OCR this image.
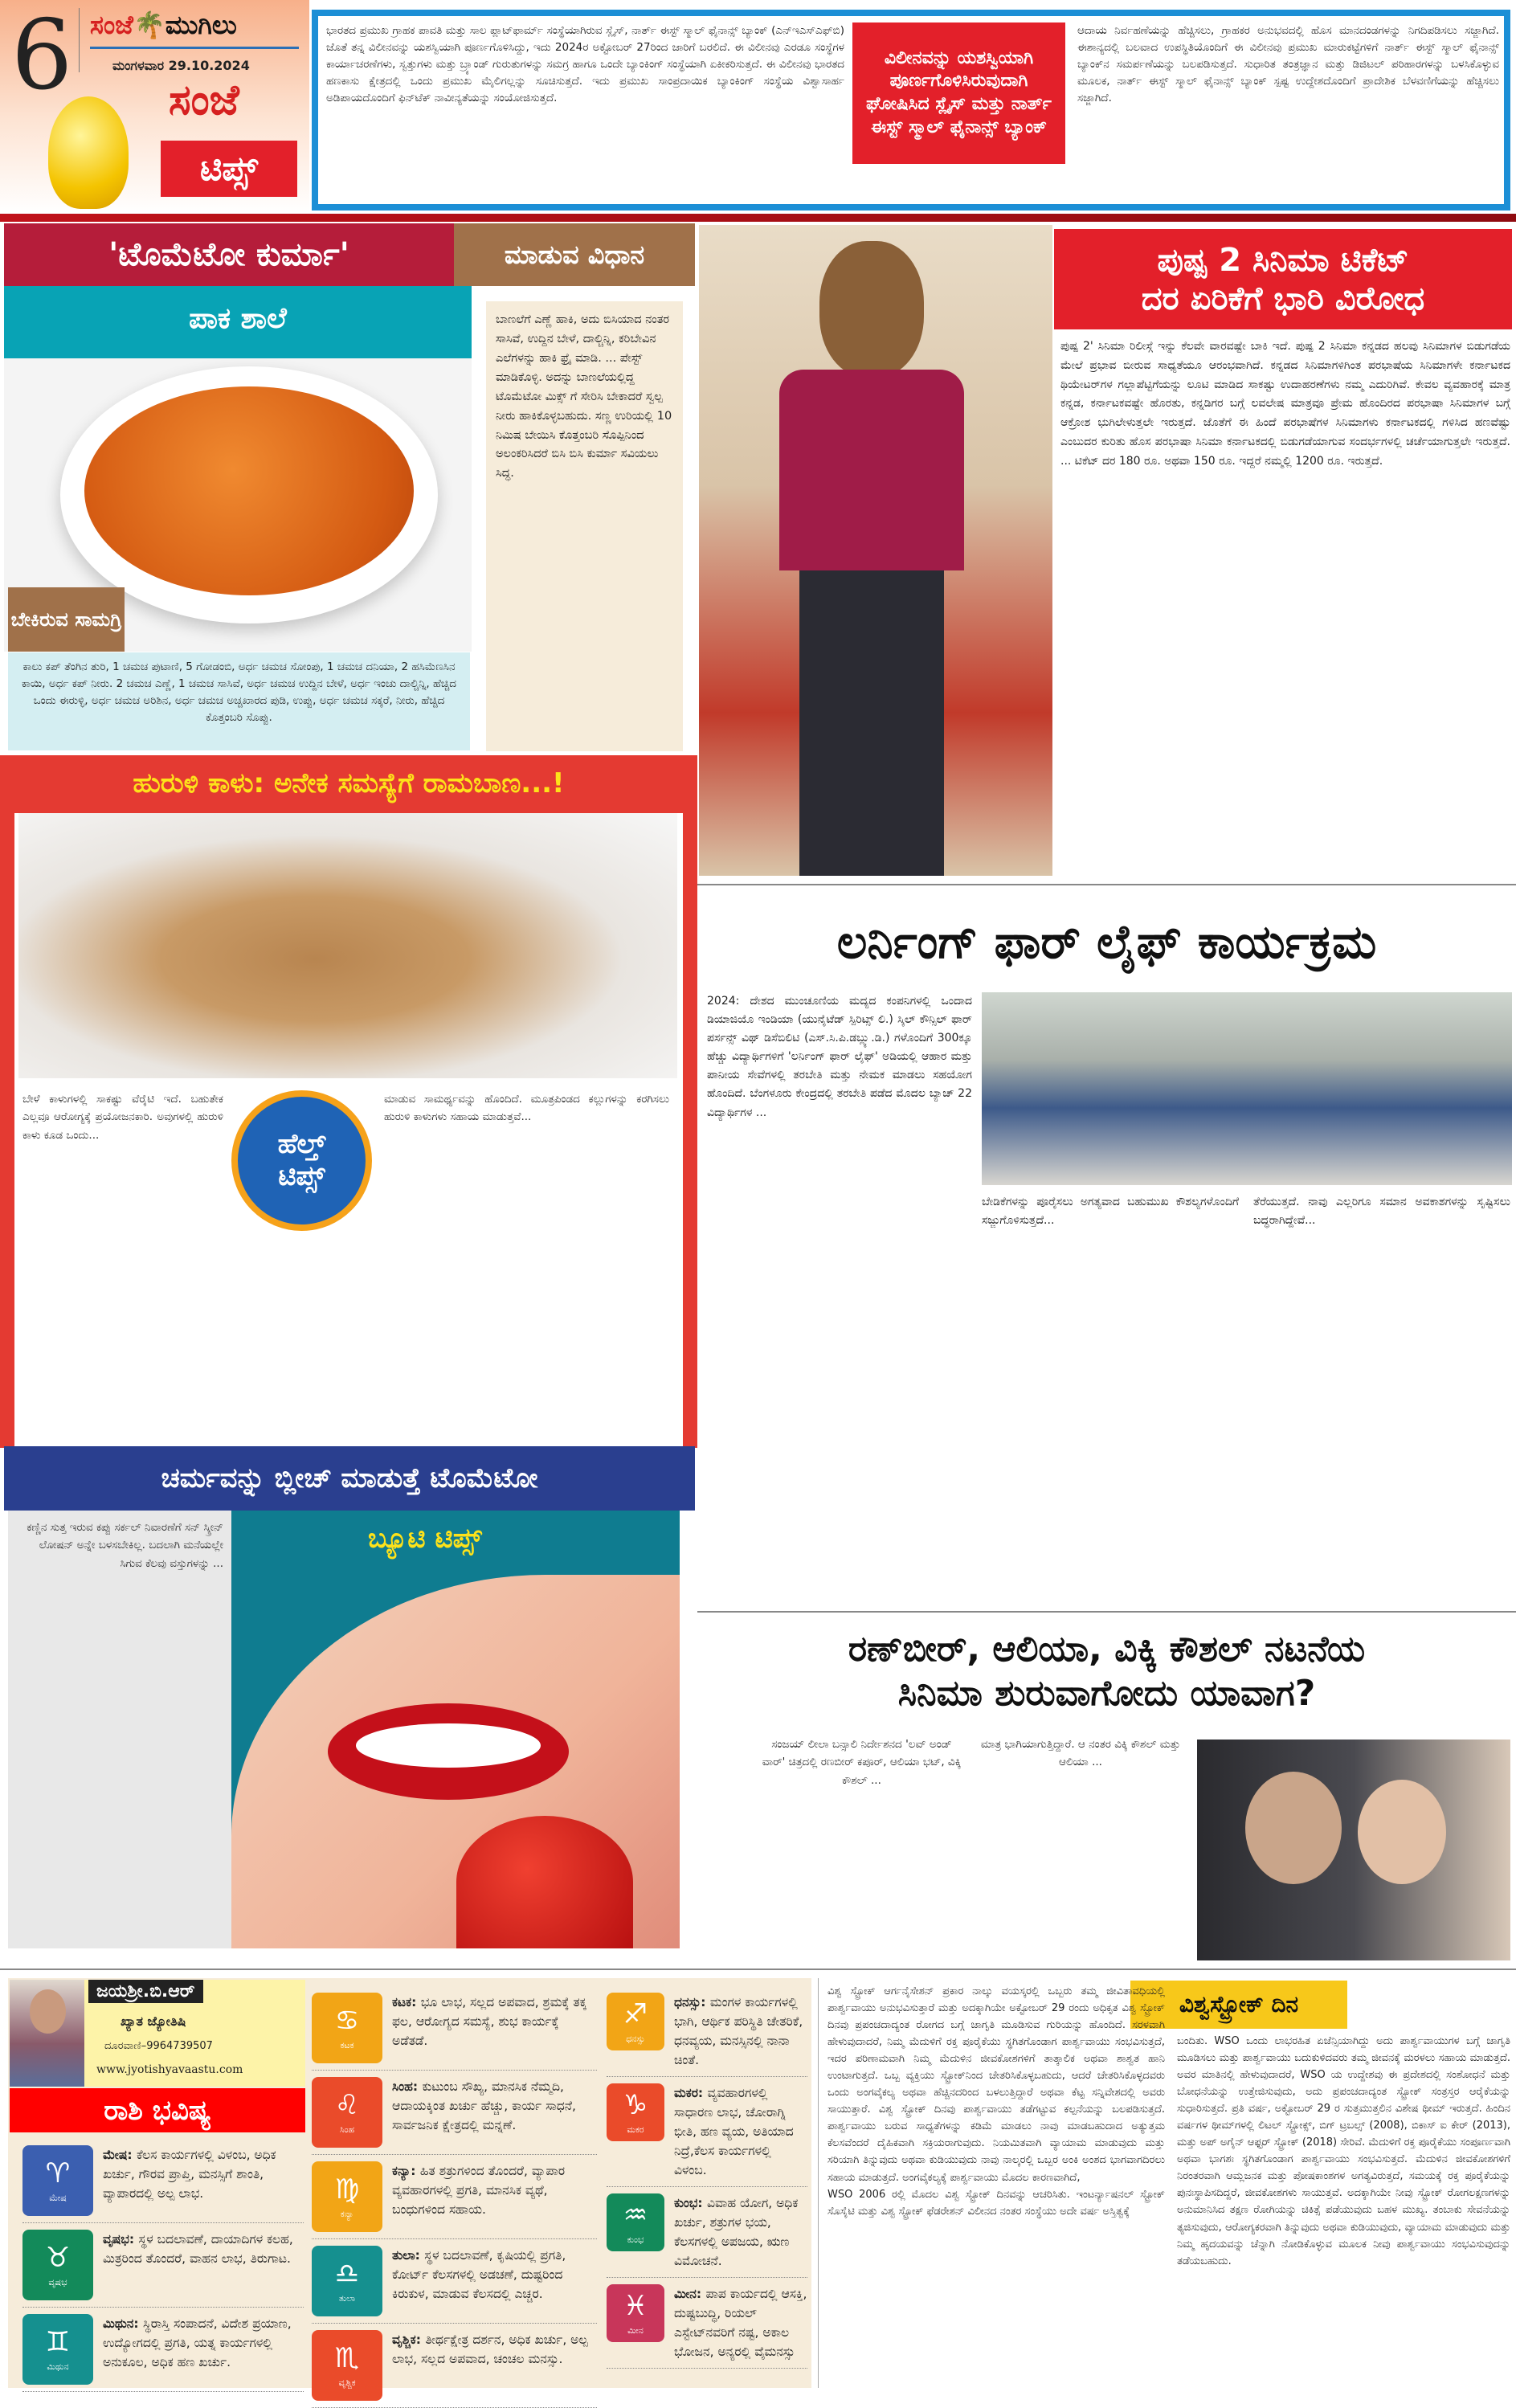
6 ಸಂಜೆ🌴ಮುಗಿಲು
ಮಂಗಳವಾರ 29.10.2024
ಸಂಜೆ
ಟಿಪ್ಸ್
ಭಾರತದ ಪ್ರಮುಖ ಗ್ರಾಹಕ ಪಾವತಿ ಮತ್ತು ಸಾಲ ಪ್ಲಾಟ್‌ಫಾರ್ಮ್ ಸಂಸ್ಥೆಯಾಗಿರುವ ಸ್ಲೈಸ್, ನಾರ್ತ್ ಈಸ್ಟ್ ಸ್ಮಾಲ್ ಫೈನಾನ್ಸ್ ಬ್ಯಾಂಕ್ (ಎನ್‌ಇಎಸ್‌ಎಫ್‌ಬಿ) ಜೊತೆ ತನ್ನ ವಿಲೀನವನ್ನು ಯಶಸ್ವಿಯಾಗಿ ಪೂರ್ಣಗೊಳಿಸಿದ್ದು, ಇದು 2024ರ ಅಕ್ಟೋಬರ್ 27ರಿಂದ ಜಾರಿಗೆ ಬರಲಿದೆ. ಈ ವಿಲೀನವು ಎರಡೂ ಸಂಸ್ಥೆಗಳ ಕಾರ್ಯಾಚರಣೆಗಳು, ಸ್ವತ್ತುಗಳು ಮತ್ತು ಬ್ರ್ಯಾಂಡ್ ಗುರುತುಗಳನ್ನು ಸಮಗ್ರ ಹಾಗೂ ಒಂದೇ ಬ್ಯಾಂಕಿಂಗ್ ಸಂಸ್ಥೆಯಾಗಿ ಏಕೀಕರಿಸುತ್ತದೆ. ಈ ವಿಲೀನವು ಭಾರತದ ಹಣಕಾಸು ಕ್ಷೇತ್ರದಲ್ಲಿ ಒಂದು ಪ್ರಮುಖ ಮೈಲಿಗಲ್ಲನ್ನು ಸೂಚಿಸುತ್ತದೆ. ಇದು ಪ್ರಮುಖ ಸಾಂಪ್ರದಾಯಿಕ ಬ್ಯಾಂಕಿಂಗ್ ಸಂಸ್ಥೆಯ ವಿಶ್ವಾಸಾರ್ಹ ಅಡಿಪಾಯದೊಂದಿಗೆ ಫಿನ್‌ಟೆಕ್ ನಾವೀನ್ಯತೆಯನ್ನು ಸಂಯೋಜಿಸುತ್ತದೆ.
ವಿಲೀನವನ್ನು ಯಶಸ್ವಿಯಾಗಿ ಪೂರ್ಣಗೊಳಿಸಿರುವುದಾಗಿ ಘೋಷಿಸಿದ ಸ್ಲೈಸ್ ಮತ್ತು ನಾರ್ತ್ ಈಸ್ಟ್ ಸ್ಮಾಲ್ ಫೈನಾನ್ಸ್ ಬ್ಯಾಂಕ್
ಆದಾಯ ನಿರ್ವಹಣೆಯನ್ನು ಹೆಚ್ಚಿಸಲು, ಗ್ರಾಹಕರ ಅನುಭವದಲ್ಲಿ ಹೊಸ ಮಾನದಂಡಗಳನ್ನು ನಿಗದಿಪಡಿಸಲು ಸಜ್ಜಾಗಿದೆ. ಈಶಾನ್ಯದಲ್ಲಿ ಬಲವಾದ ಉಪಸ್ಥಿತಿಯೊಂದಿಗೆ ಈ ವಿಲೀನವು ಪ್ರಮುಖ ಮಾರುಕಟ್ಟೆಗಳಿಗೆ ನಾರ್ತ್ ಈಸ್ಟ್ ಸ್ಮಾಲ್ ಫೈನಾನ್ಸ್ ಬ್ಯಾಂಕ್‌ನ ಸಮರ್ಪಣೆಯನ್ನು ಬಲಪಡಿಸುತ್ತದೆ. ಸುಧಾರಿತ ತಂತ್ರಜ್ಞಾನ ಮತ್ತು ಡಿಜಿಟಲ್ ಪರಿಹಾರಗಳನ್ನು ಬಳಸಿಕೊಳ್ಳುವ ಮೂಲಕ, ನಾರ್ತ್ ಈಸ್ಟ್ ಸ್ಮಾಲ್ ಫೈನಾನ್ಸ್ ಬ್ಯಾಂಕ್ ಸ್ಪಷ್ಟ ಉದ್ದೇಶದೊಂದಿಗೆ ಪ್ರಾದೇಶಿಕ ಬೆಳವಣಿಗೆಯನ್ನು ಹೆಚ್ಚಿಸಲು ಸಜ್ಜಾಗಿದೆ.
'ಟೊಮೆಟೋ ಕುರ್ಮಾ'	ಮಾಡುವ ವಿಧಾನ
ಪಾಕ ಶಾಲೆ
ಬೇಕಿರುವ ಸಾಮಗ್ರಿ
ಕಾಲು ಕಪ್ ತೆಂಗಿನ ತುರಿ, 1 ಚಮಚ ಪುಟಾಣಿ, 5 ಗೋಡಂಬಿ, ಅರ್ಧ ಚಮಚ ಸೋಂಪು, 1 ಚಮಚ ದನಿಯಾ, 2 ಹಸಿಮೆಣಸಿನ ಕಾಯಿ, ಅರ್ಧ ಕಪ್ ನೀರು. 2 ಚಮಚ ಎಣ್ಣೆ, 1 ಚಮಚ ಸಾಸಿವೆ, ಅರ್ಧ ಚಮಚ ಉದ್ದಿನ ಬೇಳೆ, ಅರ್ಧ ಇಂಚು ದಾಲ್ಚಿನ್ನಿ, ಹೆಚ್ಚಿದ ಒಂದು ಈರುಳ್ಳಿ, ಅರ್ಧ ಚಮಚ ಅರಿಶಿನ, ಅರ್ಧ ಚಮಚ ಅಚ್ಚಖಾರದ ಪುಡಿ, ಉಪ್ಪು, ಅರ್ಧ ಚಮಚ ಸಕ್ಕರೆ, ನೀರು, ಹೆಚ್ಚಿದ ಕೊತ್ತಂಬರಿ ಸೊಪ್ಪು.
ಬಾಣಲೆಗೆ ಎಣ್ಣೆ ಹಾಕಿ, ಅದು ಬಿಸಿಯಾದ ನಂತರ ಸಾಸಿವೆ, ಉದ್ದಿನ ಬೇಳೆ, ದಾಲ್ಚಿನ್ನಿ, ಕರಿಬೇವಿನ ಎಲೆಗಳನ್ನು ಹಾಕಿ ಫ್ರೈ ಮಾಡಿ. ... ಪೇಸ್ಟ್ ಮಾಡಿಕೊಳ್ಳಿ. ಅದನ್ನು ಬಾಣಲೆಯಲ್ಲಿದ್ದ ಟೊಮೆಟೋ ಮಿಕ್ಸ್ ಗೆ ಸೇರಿಸಿ ಬೇಕಾದರೆ ಸ್ವಲ್ಪ ನೀರು ಹಾಕಿಕೊಳ್ಳಬಹುದು. ಸಣ್ಣ ಉರಿಯಲ್ಲಿ 10 ನಿಮಿಷ ಬೇಯಿಸಿ ಕೊತ್ತಂಬರಿ ಸೊಪ್ಪಿನಿಂದ ಅಲಂಕರಿಸಿದರೆ ಬಿಸಿ ಬಿಸಿ ಕುರ್ಮಾ ಸವಿಯಲು ಸಿದ್ಧ.
ಹುರುಳಿ ಕಾಳು: ಅನೇಕ ಸಮಸ್ಯೆಗೆ ರಾಮಬಾಣ...!
ಹೆಲ್ತ್
ಟಿಪ್ಸ್
ಬೇಳೆ ಕಾಳುಗಳಲ್ಲಿ ಸಾಕಷ್ಟು ವೆರೈಟಿ ಇದೆ. ಬಹುತೇಕ ಎಲ್ಲವೂ ಆರೋಗ್ಯಕ್ಕೆ ಪ್ರಯೋಜನಕಾರಿ. ಅವುಗಳಲ್ಲಿ ಹುರುಳಿ ಕಾಳು ಕೂಡ ಒಂದು...
ಮಾಡುವ ಸಾಮರ್ಥ್ಯವನ್ನು ಹೊಂದಿದೆ. ಮೂತ್ರಪಿಂಡದ ಕಲ್ಲುಗಳನ್ನು ಕರಗಿಸಲು ಹುರುಳಿ ಕಾಳುಗಳು ಸಹಾಯ ಮಾಡುತ್ತವೆ...
ಚರ್ಮವನ್ನು ಬ್ಲೀಚ್ ಮಾಡುತ್ತೆ ಟೊಮೆಟೋ
ಕಣ್ಣಿನ ಸುತ್ತ ಇರುವ ಕಪ್ಪು ಸರ್ಕಲ್ ನಿವಾರಣೆಗೆ ಸನ್ ಸ್ಕ್ರೀನ್ ಲೋಷನ್ ಅನ್ನೇ ಬಳಸಬೇಕಿಲ್ಲ. ಬದಲಾಗಿ ಮನೆಯಲ್ಲೇ ಸಿಗುವ ಕೆಲವು ವಸ್ತುಗಳನ್ನು ...
ಬ್ಯೂಟಿ ಟಿಪ್ಸ್
ಪುಷ್ಪ 2 ಸಿನಿಮಾ ಟಿಕೆಟ್
ದರ ಏರಿಕೆಗೆ ಭಾರಿ ವಿರೋಧ
ಪುಷ್ಪ 2' ಸಿನಿಮಾ ರಿಲೀಸ್ಗೆ ಇನ್ನು ಕೆಲವೇ ವಾರವಷ್ಟೇ ಬಾಕಿ ಇದೆ. ಪುಷ್ಪ 2 ಸಿನಿಮಾ ಕನ್ನಡದ ಹಲವು ಸಿನಿಮಾಗಳ ಬಿಡುಗಡೆಯ ಮೇಲೆ ಪ್ರಭಾವ ಬೀರುವ ಸಾಧ್ಯತೆಯೂ ಆರಂಭವಾಗಿದೆ. ಕನ್ನಡದ ಸಿನಿಮಾಗಳಿಗಿಂತ ಪರಭಾಷೆಯ ಸಿನಿಮಾಗಳೇ ಕರ್ನಾಟಕದ ಥಿಯೇಟರ್‌ಗಳ ಗಲ್ಲಾಪೆಟ್ಟಿಗೆಯನ್ನು ಲೂಟಿ ಮಾಡಿದ ಸಾಕಷ್ಟು ಉದಾಹರಣೆಗಳು ನಮ್ಮ ಎದುರಿಗಿವೆ. ಕೇವಲ ವ್ಯವಹಾರಕ್ಕೆ ಮಾತ್ರ ಕನ್ನಡ, ಕರ್ನಾಟಕವಷ್ಟೇ ಹೊರತು, ಕನ್ನಡಿಗರ ಬಗ್ಗೆ ಲವಲೇಷ ಮಾತ್ರವೂ ಪ್ರೇಮ ಹೊಂದಿರದ ಪರಭಾಷಾ ಸಿನಿಮಾಗಳ ಬಗ್ಗೆ ಆಕ್ರೋಶ ಭುಗಿಲೇಳುತ್ತಲೇ ಇರುತ್ತದೆ. ಜೊತೆಗೆ ಈ ಹಿಂದೆ ಪರಭಾಷೆಗಳ ಸಿನಿಮಾಗಳು ಕರ್ನಾಟಕದಲ್ಲಿ ಗಳಿಸಿದ ಹಣವೆಷ್ಟು ಎಂಬುದರ ಕುರಿತು ಹೊಸ ಪರಭಾಷಾ ಸಿನಿಮಾ ಕರ್ನಾಟಕದಲ್ಲಿ ಬಿಡುಗಡೆಯಾಗುವ ಸಂದರ್ಭಗಳಲ್ಲಿ ಚರ್ಚೆಯಾಗುತ್ತಲೇ ಇರುತ್ತದೆ. ... ಟಿಕೆಟ್ ದರ 180 ರೂ. ಅಥವಾ 150 ರೂ. ಇದ್ದರೆ ನಮ್ಮಲ್ಲಿ 1200 ರೂ. ಇರುತ್ತದೆ.
ಲರ್ನಿಂಗ್ ಫಾರ್ ಲೈಫ್ ಕಾರ್ಯಕ್ರಮ
2024: ದೇಶದ ಮುಂಚೂಣಿಯ ಮದ್ಯದ ಕಂಪನಿಗಳಲ್ಲಿ ಒಂದಾದ ಡಿಯಾಜಿಯೊ ಇಂಡಿಯಾ (ಯುನೈಟೆಡ್ ಸ್ಪಿರಿಟ್ಸ್ ಲಿ.) ಸ್ಕಿಲ್ ಕೌನ್ಸಿಲ್ ಫಾರ್ ಪರ್ಸನ್ಸ್ ವಿಥ್ ಡಿಸೆಬಿಲಿಟಿ (ಎಸ್.ಸಿ.ಪಿ.ಡಬ್ಲ್ಯು.ಡಿ.) ಗಳೊಂದಿಗೆ 300ಕ್ಕೂ ಹೆಚ್ಚು ವಿದ್ಯಾರ್ಥಿಗಳಿಗೆ 'ಲರ್ನಿಂಗ್ ಫಾರ್ ಲೈಫ್' ಅಡಿಯಲ್ಲಿ ಆಹಾರ ಮತ್ತು ಪಾನೀಯ ಸೇವೆಗಳಲ್ಲಿ ತರಬೇತಿ ಮತ್ತು ನೇಮಕ ಮಾಡಲು ಸಹಯೋಗ ಹೊಂದಿದೆ. ಬೆಂಗಳೂರು ಕೇಂದ್ರದಲ್ಲಿ ತರಬೇತಿ ಪಡೆದ ಮೊದಲ ಬ್ಯಾಚ್ 22 ವಿದ್ಯಾರ್ಥಿಗಳ ...
ಬೇಡಿಕೆಗಳನ್ನು ಪೂರೈಸಲು ಅಗತ್ಯವಾದ ಬಹುಮುಖ ಕೌಶಲ್ಯಗಳೊಂದಿಗೆ ಸಜ್ಜುಗೊಳಿಸುತ್ತದೆ...
ತೆರೆಯುತ್ತದೆ. ನಾವು ಎಲ್ಲರಿಗೂ ಸಮಾನ ಅವಕಾಶಗಳನ್ನು ಸೃಷ್ಟಿಸಲು ಬದ್ಧರಾಗಿದ್ದೇವೆ...
ರಣ್‌ಬೀರ್, ಆಲಿಯಾ, ವಿಕ್ಕಿ ಕೌಶಲ್ ನಟನೆಯ
ಸಿನಿಮಾ ಶುರುವಾಗೋದು ಯಾವಾಗ?
ಸಂಜಯ್ ಲೀಲಾ ಬನ್ಸಾಲಿ ನಿರ್ದೇಶನದ 'ಲವ್ ಅಂಡ್ ವಾರ್' ಚಿತ್ರದಲ್ಲಿ ರಣಬೀರ್ ಕಪೂರ್, ಆಲಿಯಾ ಭಟ್, ವಿಕ್ಕಿ ಕೌಶಲ್ ...
ಮಾತ್ರ ಭಾಗಿಯಾಗುತ್ತಿದ್ದಾರೆ. ಆ ನಂತರ ವಿಕ್ಕಿ ಕೌಶಲ್ ಮತ್ತು ಆಲಿಯಾ ...
ಜಯಶ್ರೀ.ಬಿ.ಆರ್
ಖ್ಯಾತ ಜ್ಯೋತಿಷಿ
ದೂರವಾಣಿ–9964739507
www.jyotishyavaastu.com
ರಾಶಿ ಭವಿಷ್ಯ
♈
ಮೇಷ
ಮೇಷ: ಕೆಲಸ ಕಾರ್ಯಗಳಲ್ಲಿ ವಿಳಂಬ, ಅಧಿಕ ಖರ್ಚು, ಗೌರವ ಪ್ರಾಪ್ತಿ, ಮನಸ್ಸಿಗೆ ಶಾಂತಿ, ವ್ಯಾಪಾರದಲ್ಲಿ ಅಲ್ಪ ಲಾಭ.
♉
ವೃಷಭ
ವೃಷಭ: ಸ್ಥಳ ಬದಲಾವಣೆ, ದಾಯಾದಿಗಳ ಕಲಹ, ಮಿತ್ರರಿಂದ ತೊಂದರೆ, ವಾಹನ ಲಾಭ, ತಿರುಗಾಟ.
♊
ಮಿಥುನ
ಮಿಥುನ: ಸ್ಥಿರಾಸ್ತಿ ಸಂಪಾದನೆ, ವಿದೇಶ ಪ್ರಯಾಣ, ಉದ್ಯೋಗದಲ್ಲಿ ಪ್ರಗತಿ, ಯತ್ನ ಕಾರ್ಯಗಳಲ್ಲಿ ಅನುಕೂಲ, ಅಧಿಕ ಹಣ ಖರ್ಚು.
♋
ಕಟಕ
ಕಟಕ: ಭೂ ಲಾಭ, ಸಲ್ಲದ ಅಪವಾದ, ಶ್ರಮಕ್ಕೆ ತಕ್ಕ ಫಲ, ಆರೋಗ್ಯದ ಸಮಸ್ಯೆ, ಶುಭ ಕಾರ್ಯಕ್ಕೆ ಅಡೆತಡೆ.
♌
ಸಿಂಹ
ಸಿಂಹ: ಕುಟುಂಬ ಸೌಖ್ಯ, ಮಾನಸಿಕ ನೆಮ್ಮದಿ, ಆದಾಯಕ್ಕಿಂತ ಖರ್ಚು ಹೆಚ್ಚು, ಕಾರ್ಯ ಸಾಧನೆ, ಸಾರ್ವಜನಿಕ ಕ್ಷೇತ್ರದಲ್ಲಿ ಮನ್ನಣೆ.
♍
ಕನ್ಯಾ
ಕನ್ಯಾ: ಹಿತ ಶತ್ರುಗಳಿಂದ ತೊಂದರೆ, ವ್ಯಾಪಾರ ವ್ಯವಹಾರಗಳಲ್ಲಿ ಪ್ರಗತಿ, ಮಾನಸಿಕ ವ್ಯಥೆ, ಬಂಧುಗಳಿಂದ ಸಹಾಯ.
♎
ತುಲಾ
ತುಲಾ: ಸ್ಥಳ ಬದಲಾವಣೆ, ಕೃಷಿಯಲ್ಲಿ ಪ್ರಗತಿ, ಕೋರ್ಟ್ ಕೆಲಸಗಳಲ್ಲಿ ಅಡಚಣೆ, ದುಷ್ಟರಿಂದ ಕಿರುಕುಳ, ಮಾಡುವ ಕೆಲಸದಲ್ಲಿ ಎಚ್ಚರ.
♏
ವೃಶ್ಚಿಕ
ವೃಶ್ಚಿಕ: ತೀರ್ಥಕ್ಷೇತ್ರ ದರ್ಶನ, ಅಧಿಕ ಖರ್ಚು, ಅಲ್ಪ ಲಾಭ, ಸಲ್ಲದ ಅಪವಾದ, ಚಂಚಲ ಮನಸ್ಸು.
♐
ಧನಸ್ಸು
ಧನಸ್ಸು: ಮಂಗಳ ಕಾರ್ಯಗಳಲ್ಲಿ ಭಾಗಿ, ಆರ್ಥಿಕ ಪರಿಸ್ಥಿತಿ ಚೇತರಿಕೆ, ಧನವ್ಯಯ, ಮನಸ್ಸಿನಲ್ಲಿ ನಾನಾ ಚಿಂತೆ.
♑
ಮಕರ
ಮಕರ: ವ್ಯವಹಾರಗಳಲ್ಲಿ ಸಾಧಾರಣ ಲಾಭ, ಚೋರಾಗ್ನಿ ಭೀತಿ, ಹಣ ವ್ಯಯ, ಅತಿಯಾದ ನಿದ್ರೆ,ಕೆಲಸ ಕಾರ್ಯಗಳಲ್ಲಿ ವಿಳಂಬ.
♒
ಕುಂಭ
ಕುಂಭ: ವಿವಾಹ ಯೋಗ, ಅಧಿಕ ಖರ್ಚು, ಶತ್ರುಗಳ ಭಯ, ಕೆಲಸಗಳಲ್ಲಿ ಅಪಜಯ, ಋಣ ವಿಮೋಚನೆ.
♓
ಮೀನ
ಮೀನ: ಪಾಪ ಕಾರ್ಯದಲ್ಲಿ ಆಸಕ್ತಿ, ದುಷ್ಟಬುದ್ಧಿ, ರಿಯಲ್ ಎಸ್ಟೇಟ್‌ನವರಿಗೆ ನಷ್ಟ, ಅಕಾಲ ಭೋಜನ, ಅನ್ಯರಲ್ಲಿ ವೈಮನಸ್ಸು
ವಿಶ್ವಸ್ಟ್ರೋಕ್ ದಿನ
ವಿಶ್ವ ಸ್ಟ್ರೋಕ್ ಆರ್ಗನೈಸೇಶನ್ ಪ್ರಕಾರ ನಾಲ್ಕು ವಯಸ್ಕರಲ್ಲಿ ಒಬ್ಬರು ತಮ್ಮ ಜೀವಿತಾವಧಿಯಲ್ಲಿ ಪಾರ್ಶ್ವವಾಯು ಅನುಭವಿಸುತ್ತಾರೆ ಮತ್ತು ಅದಕ್ಕಾಗಿಯೇ ಅಕ್ಟೋಬರ್ 29 ರಂದು ಅಧಿಕೃತ ವಿಶ್ವ ಸ್ಟ್ರೋಕ್ ದಿನವು ಪ್ರಪಂಚದಾದ್ಯಂತ ರೋಗದ ಬಗ್ಗೆ ಜಾಗೃತಿ ಮೂಡಿಸುವ ಗುರಿಯನ್ನು ಹೊಂದಿದೆ. ಸರಳವಾಗಿ ಹೇಳುವುದಾದರೆ, ನಿಮ್ಮ ಮೆದುಳಿಗೆ ರಕ್ತ ಪೂರೈಕೆಯು ಸ್ಥಗಿತಗೊಂಡಾಗ ಪಾರ್ಶ್ವವಾಯು ಸಂಭವಿಸುತ್ತದೆ, ಇದರ ಪರಿಣಾಮವಾಗಿ ನಿಮ್ಮ ಮೆದುಳಿನ ಜೀವಕೋಶಗಳಿಗೆ ತಾತ್ಕಾಲಿಕ ಅಥವಾ ಶಾಶ್ವತ ಹಾನಿ ಉಂಟಾಗುತ್ತದೆ. ಒಬ್ಬ ವ್ಯಕ್ತಿಯು ಸ್ಟ್ರೋಕ್‌ನಿಂದ ಚೇತರಿಸಿಕೊಳ್ಳಬಹುದು, ಆದರೆ ಚೇತರಿಸಿಕೊಳ್ಳದವರು ಒಂದು ಅಂಗವೈಕಲ್ಯ ಅಥವಾ ಹೆಚ್ಚಿನದರಿಂದ ಬಳಲುತ್ತಿದ್ದಾರೆ ಅಥವಾ ಕೆಟ್ಟ ಸನ್ನಿವೇಶದಲ್ಲಿ ಅವರು ಸಾಯುತ್ತಾರೆ. ವಿಶ್ವ ಸ್ಟ್ರೋಕ್ ದಿನವು ಪಾರ್ಶ್ವವಾಯು ತಡೆಗಟ್ಟುವ ಕಲ್ಪನೆಯನ್ನು ಬಲಪಡಿಸುತ್ತದೆ. ಪಾರ್ಶ್ವವಾಯು ಬರುವ ಸಾಧ್ಯತೆಗಳನ್ನು ಕಡಿಮೆ ಮಾಡಲು ನಾವು ಮಾಡಬಹುದಾದ ಅತ್ಯುತ್ತಮ ಕೆಲಸವೆಂದರೆ ದೈಹಿಕವಾಗಿ ಸಕ್ರಿಯರಾಗುವುದು. ನಿಯಮಿತವಾಗಿ ವ್ಯಾಯಾಮ ಮಾಡುವುದು ಮತ್ತು ಸರಿಯಾಗಿ ತಿನ್ನುವುದು ಅಥವಾ ಕುಡಿಯುವುದು ನಾವು ನಾಲ್ಕರಲ್ಲಿ ಒಬ್ಬರ ಅಂಕಿ ಅಂಶದ ಭಾಗವಾಗದಿರಲು ಸಹಾಯ ಮಾಡುತ್ತದೆ. ಅಂಗವೈಕಲ್ಯಕ್ಕೆ ಪಾರ್ಶ್ವವಾಯು ಮೊದಲ ಕಾರಣವಾಗಿದೆ,
WSO 2006 ರಲ್ಲಿ ಮೊದಲ ವಿಶ್ವ ಸ್ಟ್ರೋಕ್ ದಿನವನ್ನು ಆಚರಿಸಿತು. ಇಂಟರ್ನ್ಯಾಷನಲ್ ಸ್ಟ್ರೋಕ್ ಸೊಸೈಟಿ ಮತ್ತು ವಿಶ್ವ ಸ್ಟ್ರೋಕ್ ಫೆಡರೇಶನ್ ವಿಲೀನದ ನಂತರ ಸಂಸ್ಥೆಯು ಅದೇ ವರ್ಷ ಅಸ್ತಿತ್ವಕ್ಕೆ
ಬಂದಿತು. WSO ಒಂದು ಲಾಭರಹಿತ ಏಜೆನ್ಸಿಯಾಗಿದ್ದು ಅದು ಪಾರ್ಶ್ವವಾಯುಗಳ ಬಗ್ಗೆ ಜಾಗೃತಿ ಮೂಡಿಸಲು ಮತ್ತು ಪಾರ್ಶ್ವವಾಯು ಬದುಕುಳಿದವರು ತಮ್ಮ ಜೀವನಕ್ಕೆ ಮರಳಲು ಸಹಾಯ ಮಾಡುತ್ತದೆ. ಅವರ ಮಾತಿನಲ್ಲಿ ಹೇಳುವುದಾದರೆ, WSO ಯ ಉದ್ದೇಶವು ಈ ಪ್ರದೇಶದಲ್ಲಿ ಸಂಶೋಧನೆ ಮತ್ತು ಬೋಧನೆಯನ್ನು ಉತ್ತೇಜಿಸುವುದು, ಅದು ಪ್ರಪಂಚದಾದ್ಯಂತ ಸ್ಟ್ರೋಕ್ ಸಂತ್ರಸ್ತರ ಆರೈಕೆಯನ್ನು ಸುಧಾರಿಸುತ್ತದೆ. ಪ್ರತಿ ವರ್ಷ, ಅಕ್ಟೋಬರ್ 29 ರ ಸುತ್ತಮುತ್ತಲಿನ ವಿಶೇಷ ಥೀಮ್ ಇರುತ್ತದೆ. ಹಿಂದಿನ ವರ್ಷಗಳ ಥೀಮ್‌ಗಳಲ್ಲಿ ಲಿಟಲ್ ಸ್ಟ್ರೋಕ್ಸ್, ಬಿಗ್ ಟ್ರಬಲ್ಸ್ (2008), ಬಿಕಾಸ್ ಐ ಕೇರ್ (2013), ಮತ್ತು ಅಪ್ ಅಗೈನ್ ಆಫ್ಟರ್ ಸ್ಟ್ರೋಕ್ (2018) ಸೇರಿವೆ. ಮೆದುಳಿಗೆ ರಕ್ತ ಪೂರೈಕೆಯು ಸಂಪೂರ್ಣವಾಗಿ ಅಥವಾ ಭಾಗಶಃ ಸ್ಥಗಿತಗೊಂಡಾಗ ಪಾರ್ಶ್ವವಾಯು ಸಂಭವಿಸುತ್ತದೆ. ಮೆದುಳಿನ ಜೀವಕೋಶಗಳಿಗೆ ನಿರಂತರವಾಗಿ ಆಮ್ಲಜನಕ ಮತ್ತು ಪೋಷಕಾಂಶಗಳ ಅಗತ್ಯವಿರುತ್ತದೆ, ಸಮಯಕ್ಕೆ ರಕ್ತ ಪೂರೈಕೆಯನ್ನು ಪುನಃಸ್ಥಾಪಿಸದಿದ್ದರೆ, ಜೀವಕೋಶಗಳು ಸಾಯುತ್ತವೆ. ಅದಕ್ಕಾಗಿಯೇ ನೀವು ಸ್ಟ್ರೋಕ್ ರೋಗಲಕ್ಷಣಗಳನ್ನು ಅನುಮಾನಿಸಿದ ತಕ್ಷಣ ರೋಗಿಯನ್ನು ಚಿಕಿತ್ಸೆ ಪಡೆಯುವುದು ಬಹಳ ಮುಖ್ಯ. ತಂಬಾಕು ಸೇವನೆಯನ್ನು ತ್ಯಜಿಸುವುದು, ಆರೋಗ್ಯಕರವಾಗಿ ತಿನ್ನುವುದು ಅಥವಾ ಕುಡಿಯುವುದು, ವ್ಯಾಯಾಮ ಮಾಡುವುದು ಮತ್ತು ನಿಮ್ಮ ಹೃದಯವನ್ನು ಚೆನ್ನಾಗಿ ನೋಡಿಕೊಳ್ಳುವ ಮೂಲಕ ನೀವು ಪಾರ್ಶ್ವವಾಯು ಸಂಭವಿಸುವುದನ್ನು ತಡೆಯಬಹುದು.
